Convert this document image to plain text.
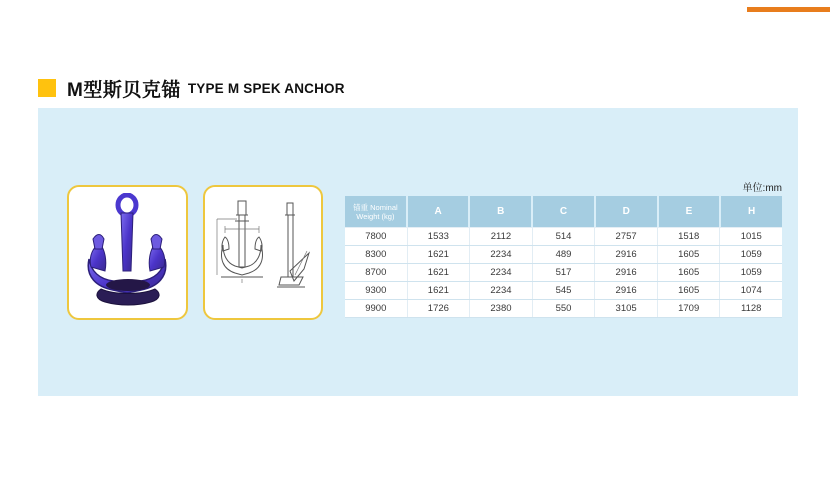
M型斯贝克锚 TYPE M SPEK ANCHOR
单位:mm
锚重 Nominal
Weight (kg)	A	B	C	D	E	H
7800	1533	2112	514	2757	1518	1015
8300	1621	2234	489	2916	1605	1059
8700	1621	2234	517	2916	1605	1059
9300	1621	2234	545	2916	1605	1074
9900	1726	2380	550	3105	1709	1128
